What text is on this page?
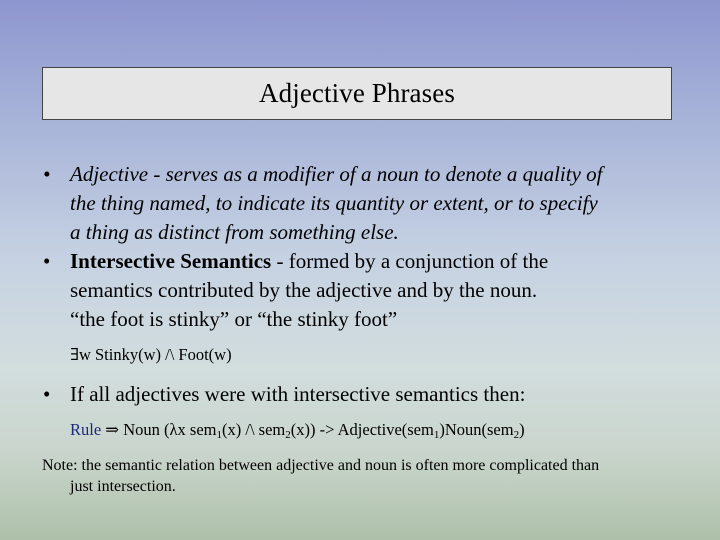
Adjective Phrases
• Adjective - serves as a modifier of a noun to denote a quality of
the thing named, to indicate its quantity or extent, or to specify
a thing as distinct from something else.
• Intersective Semantics - formed by a conjunction of the
semantics contributed by the adjective and by the noun.
“the foot is stinky” or “the stinky foot”
∃w Stinky(w) /\ Foot(w)
• If all adjectives were with intersective semantics then:
Rule ⇒ Noun (λx sem$_1$(x) /\ sem$_2$(x)) -> Adjective(sem$_1$)Noun(sem$_2$)
Note: the semantic relation between adjective and noun is often more complicated than
just intersection.
